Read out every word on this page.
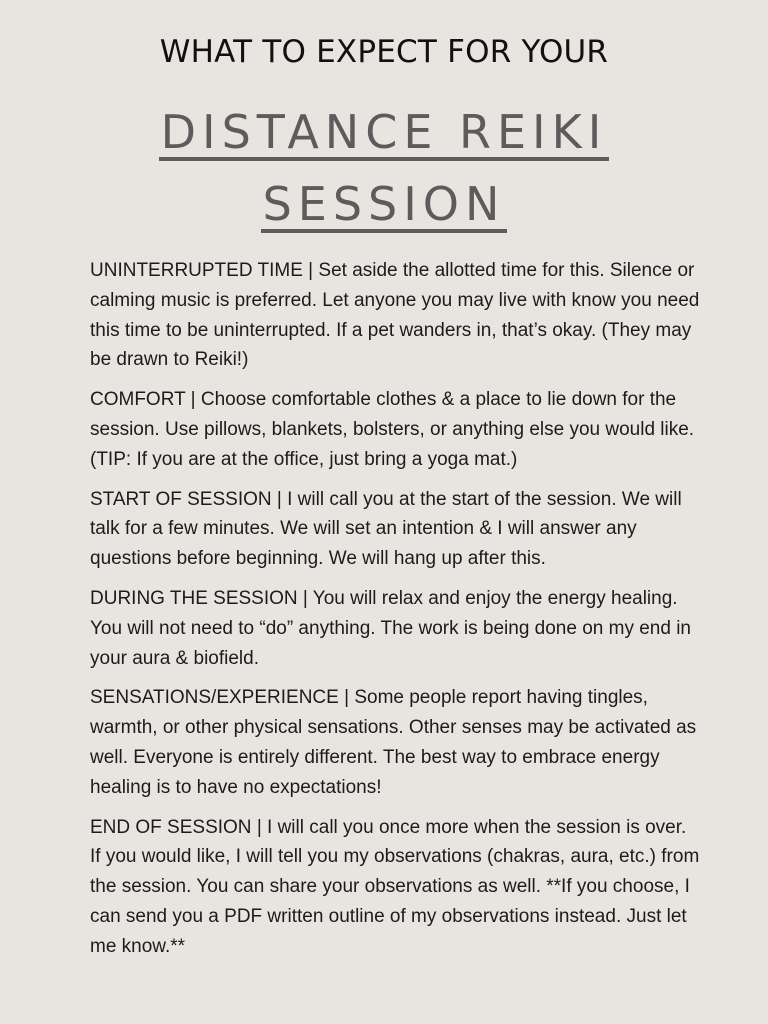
WHAT TO EXPECT FOR YOUR
DISTANCE REIKI
SESSION

UNINTERRUPTED TIME | Set aside the allotted time for this. Silence or calming music is preferred. Let anyone you may live with know you need this time to be uninterrupted. If a pet wanders in, that’s okay. (They may be drawn to Reiki!)

COMFORT | Choose comfortable clothes & a place to lie down for the session. Use pillows, blankets, bolsters, or anything else you would like. (TIP: If you are at the office, just bring a yoga mat.)

START OF SESSION | I will call you at the start of the session. We will talk for a few minutes. We will set an intention & I will answer any questions before beginning. We will hang up after this.

DURING THE SESSION | You will relax and enjoy the energy healing. You will not need to “do” anything. The work is being done on my end in your aura & biofield.

SENSATIONS/EXPERIENCE | Some people report having tingles, warmth, or other physical sensations. Other senses may be activated as well. Everyone is entirely different. The best way to embrace energy healing is to have no expectations!

END OF SESSION | I will call you once more when the session is over. If you would like, I will tell you my observations (chakras, aura, etc.) from the session. You can share your observations as well. **If you choose, I can send you a PDF written outline of my observations instead. Just let me know.**
